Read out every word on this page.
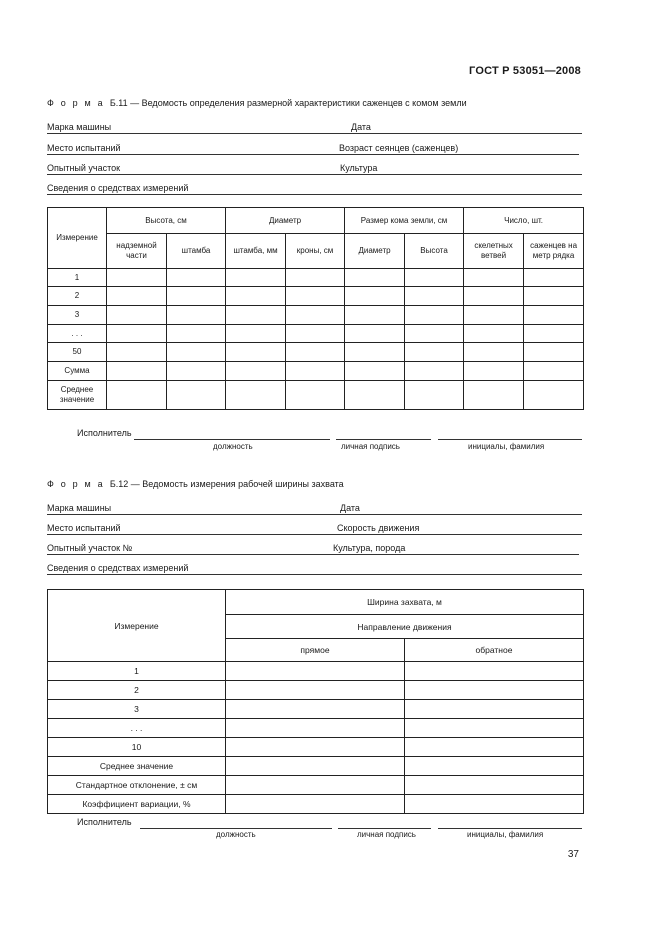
ГОСТ Р 53051—2008
Ф о р м а Б.11 — Ведомость определения размерной характеристики саженцев с комом земли
Марка машины	Дата
Место испытаний	Возраст сеянцев (саженцев)
Опытный участок	Культура
Сведения о средствах измерений
Измерение	Высота, см		Диаметр		Размер кома земли, см		Число, шт.	
	надземной части	штамба	штамба, мм	кроны, см	Диаметр	Высота	скелетных ветвей	саженцев на метр рядка
1								
2								
3								
. . .								
50								
Сумма								
Среднее значение								
Исполнитель
должность	личная подпись	инициалы, фамилия
Ф о р м а Б.12 — Ведомость измерения рабочей ширины захвата
Марка машины	Дата
Место испытаний	Скорость движения
Опытный участок №	Культура, порода
Сведения о средствах измерений
Измерение	Ширина захвата, м	
	Направление движения	
	прямое	обратное
1		
2		
3		
. . .		
10		
Среднее значение		
Стандартное отклонение, ± см		
Коэффициент вариации, %		
Исполнитель
должность	личная подпись	инициалы, фамилия
37
